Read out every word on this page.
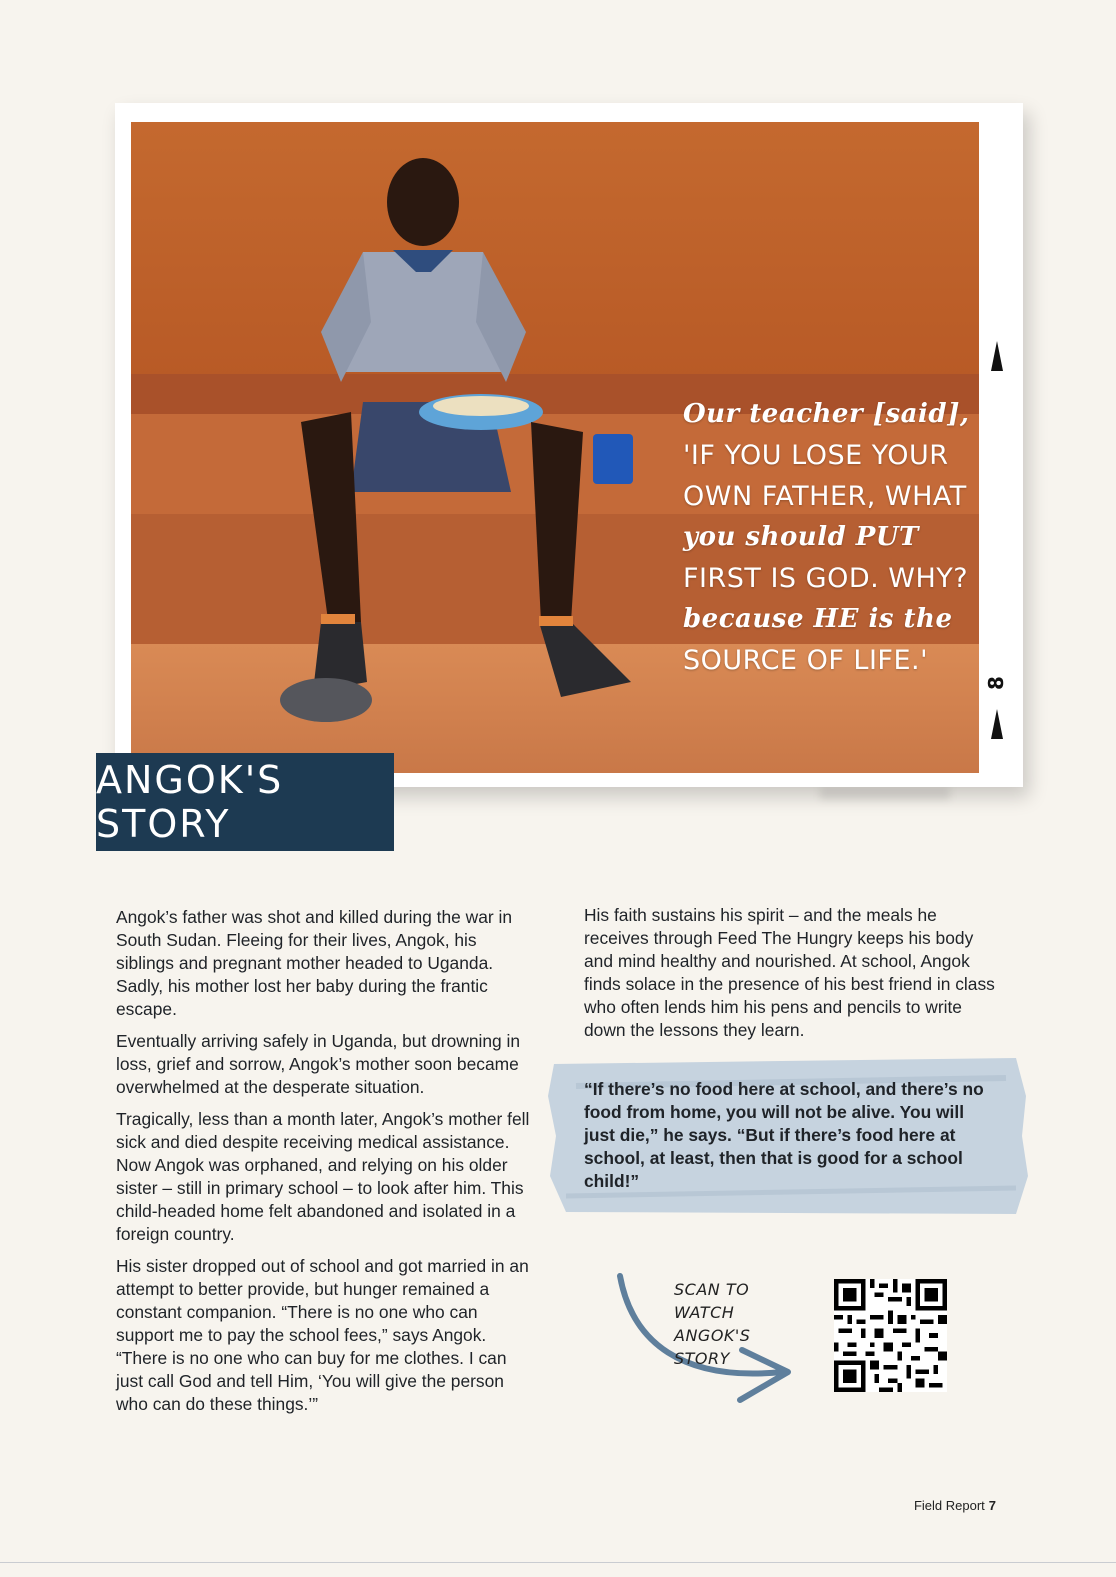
Our teacher [said],
'IF YOU LOSE YOUR
OWN FATHER, WHAT
you should PUT
FIRST IS GOD. WHY?
because HE is the
SOURCE OF LIFE.'
8
ANGOK'S STORY

Angok’s father was shot and killed during the war in South Sudan. Fleeing for their lives, Angok, his siblings and pregnant mother headed to Uganda. Sadly, his mother lost her baby during the frantic escape.

Eventually arriving safely in Uganda, but drowning in loss, grief and sorrow, Angok’s mother soon became overwhelmed at the desperate situation.

Tragically, less than a month later, Angok’s mother fell sick and died despite receiving medical assistance. Now Angok was orphaned, and relying on his older sister – still in primary school – to look after him. This child-headed home felt abandoned and isolated in a foreign country.

His sister dropped out of school and got married in an attempt to better provide, but hunger remained a constant companion. “There is no one who can support me to pay the school fees,” says Angok. “There is no one who can buy for me clothes. I can just call God and tell Him, ‘You will give the person who can do these things.’”

His faith sustains his spirit – and the meals he receives through Feed The Hungry keeps his body and mind healthy and nourished. At school, Angok finds solace in the presence of his best friend in class who often lends him his pens and pencils to write down the lessons they learn.

“If there’s no food here at school, and there’s no food from home, you will not be alive. You will just die,” he says. “But if there’s food here at school, at least, then that is good for a school child!”
SCAN TO WATCH
ANGOK'S STORY
Field Report 7
